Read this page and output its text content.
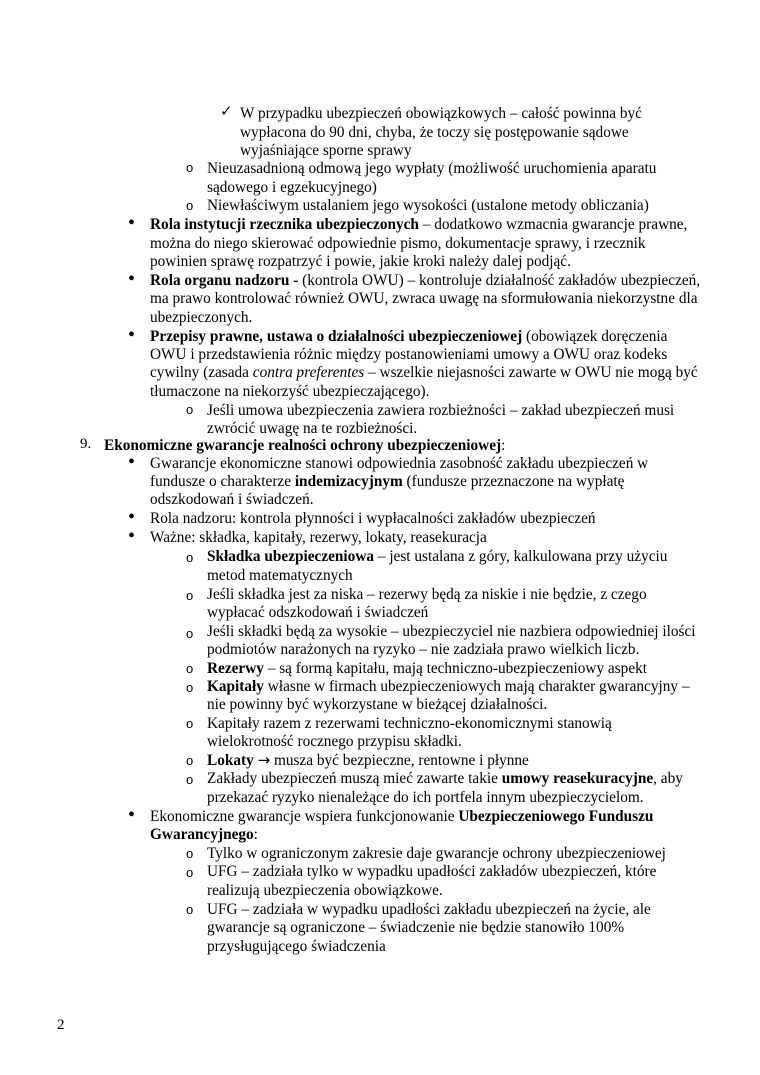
✓
o
o
•
•
•
o
9.
•
•
•
o
o
o
o
o
o
o
o
•
o
o
o
W przypadku ubezpieczeń obowiązkowych – całość powinna być
wypłacona do 90 dni, chyba, że toczy się postępowanie sądowe
wyjaśniające sporne sprawy
Nieuzasadnioną odmową jego wypłaty (możliwość uruchomienia aparatu
sądowego i egzekucyjnego)
Niewłaściwym ustalaniem jego wysokości (ustalone metody obliczania)
Rola instytucji rzecznika ubezpieczonych – dodatkowo wzmacnia gwarancje prawne,
można do niego skierować odpowiednie pismo, dokumentacje sprawy, i rzecznik
powinien sprawę rozpatrzyć i powie, jakie kroki należy dalej podjąć.
Rola organu nadzoru - (kontrola OWU) – kontroluje działalność zakładów ubezpieczeń,
ma prawo kontrolować również OWU, zwraca uwagę na sformułowania niekorzystne dla
ubezpieczonych.
Przepisy prawne, ustawa o działalności ubezpieczeniowej (obowiązek doręczenia
OWU i przedstawienia różnic między postanowieniami umowy a OWU oraz kodeks
cywilny (zasada contra preferentes – wszelkie niejasności zawarte w OWU nie mogą być
tłumaczone na niekorzyść ubezpieczającego).
Jeśli umowa ubezpieczenia zawiera rozbieżności – zakład ubezpieczeń musi
zwrócić uwagę na te rozbieżności.
Ekonomiczne gwarancje realności ochrony ubezpieczeniowej:
Gwarancje ekonomiczne stanowi odpowiednia zasobność zakładu ubezpieczeń w
fundusze o charakterze indemizacyjnym (fundusze przeznaczone na wypłatę
odszkodowań i świadczeń.
Rola nadzoru: kontrola płynności i wypłacalności zakładów ubezpieczeń
Ważne: składka, kapitały, rezerwy, lokaty, reasekuracja
Składka ubezpieczeniowa – jest ustalana z góry, kalkulowana przy użyciu
metod matematycznych
Jeśli składka jest za niska – rezerwy będą za niskie i nie będzie, z czego
wypłacać odszkodowań i świadczeń
Jeśli składki będą za wysokie – ubezpieczyciel nie nazbiera odpowiedniej ilości
podmiotów narażonych na ryzyko – nie zadziała prawo wielkich liczb.
Rezerwy – są formą kapitału, mają techniczno-ubezpieczeniowy aspekt
Kapitały własne w firmach ubezpieczeniowych mają charakter gwarancyjny –
nie powinny być wykorzystane w bieżącej działalności.
Kapitały razem z rezerwami techniczno-ekonomicznymi stanowią
wielokrotność rocznego przypisu składki.
Lokaty → musza być bezpieczne, rentowne i płynne
Zakłady ubezpieczeń muszą mieć zawarte takie umowy reasekuracyjne, aby
przekazać ryzyko nienależące do ich portfela innym ubezpieczycielom.
Ekonomiczne gwarancje wspiera funkcjonowanie Ubezpieczeniowego Funduszu
Gwarancyjnego:
Tylko w ograniczonym zakresie daje gwarancje ochrony ubezpieczeniowej
UFG – zadziała tylko w wypadku upadłości zakładów ubezpieczeń, które
realizują ubezpieczenia obowiązkowe.
UFG – zadziała w wypadku upadłości zakładu ubezpieczeń na życie, ale
gwarancje są ograniczone – świadczenie nie będzie stanowiło 100%
przysługującego świadczenia
2
